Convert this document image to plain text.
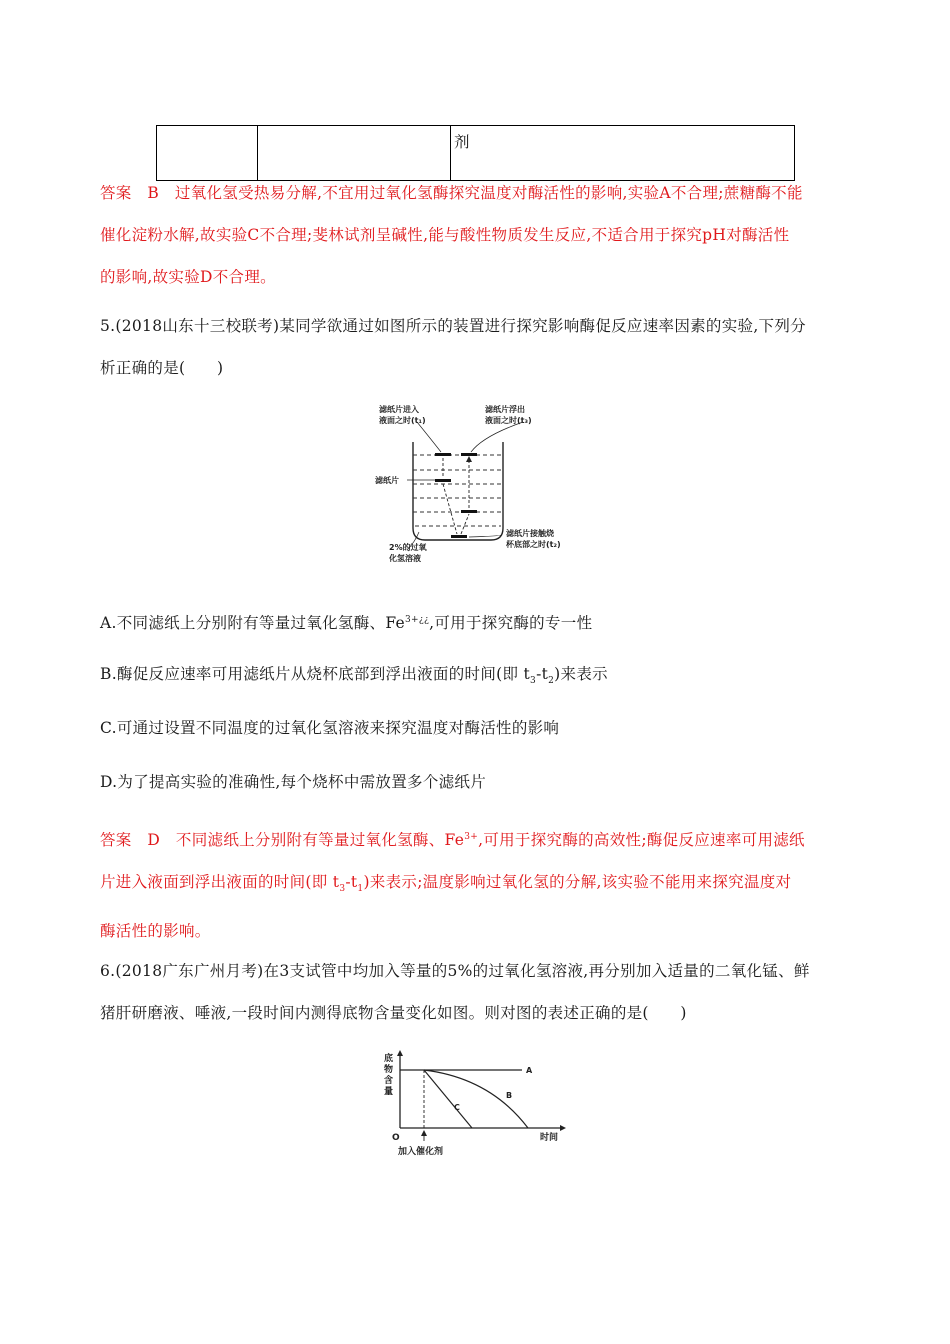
		剂
答案　B　过氧化氢受热易分解,不宜用过氧化氢酶探究温度对酶活性的影响,实验A不合理;蔗糖酶不能
催化淀粉水解,故实验C不合理;斐林试剂呈碱性,能与酸性物质发生反应,不适合用于探究pH对酶活性
的影响,故实验D不合理。
5.(2018山东十三校联考)某同学欲通过如图所示的装置进行探究影响酶促反应速率因素的实验,下列分
析正确的是(　　)
滤纸片进入
液面之时(t₁)
滤纸片浮出
液面之时(t₃)
滤纸片
滤纸片接触烧
杯底部之时(t₂)
2%的过氧
化氢溶液
A.不同滤纸上分别附有等量过氧化氢酶、$Fe^{3+¿¿}$,可用于探究酶的专一性
B.酶促反应速率可用滤纸片从烧杯底部到浮出液面的时间(即 $t_3-t_2$)来表示
C.可通过设置不同温度的过氧化氢溶液来探究温度对酶活性的影响
D.为了提高实验的准确性,每个烧杯中需放置多个滤纸片
答案　D　不同滤纸上分别附有等量过氧化氢酶、$Fe^{3+}$,可用于探究酶的高效性;酶促反应速率可用滤纸
片进入液面到浮出液面的时间(即 $t_3-t_1$)来表示;温度影响过氧化氢的分解,该实验不能用来探究温度对
酶活性的影响。
6.(2018广东广州月考)在3支试管中均加入等量的5%的过氧化氢溶液,再分别加入适量的二氧化锰、鲜
猪肝研磨液、唾液,一段时间内测得底物含量变化如图。则对图的表述正确的是(　　)
底
物
含
量
O	时间
加入催化剂
A
B
C
